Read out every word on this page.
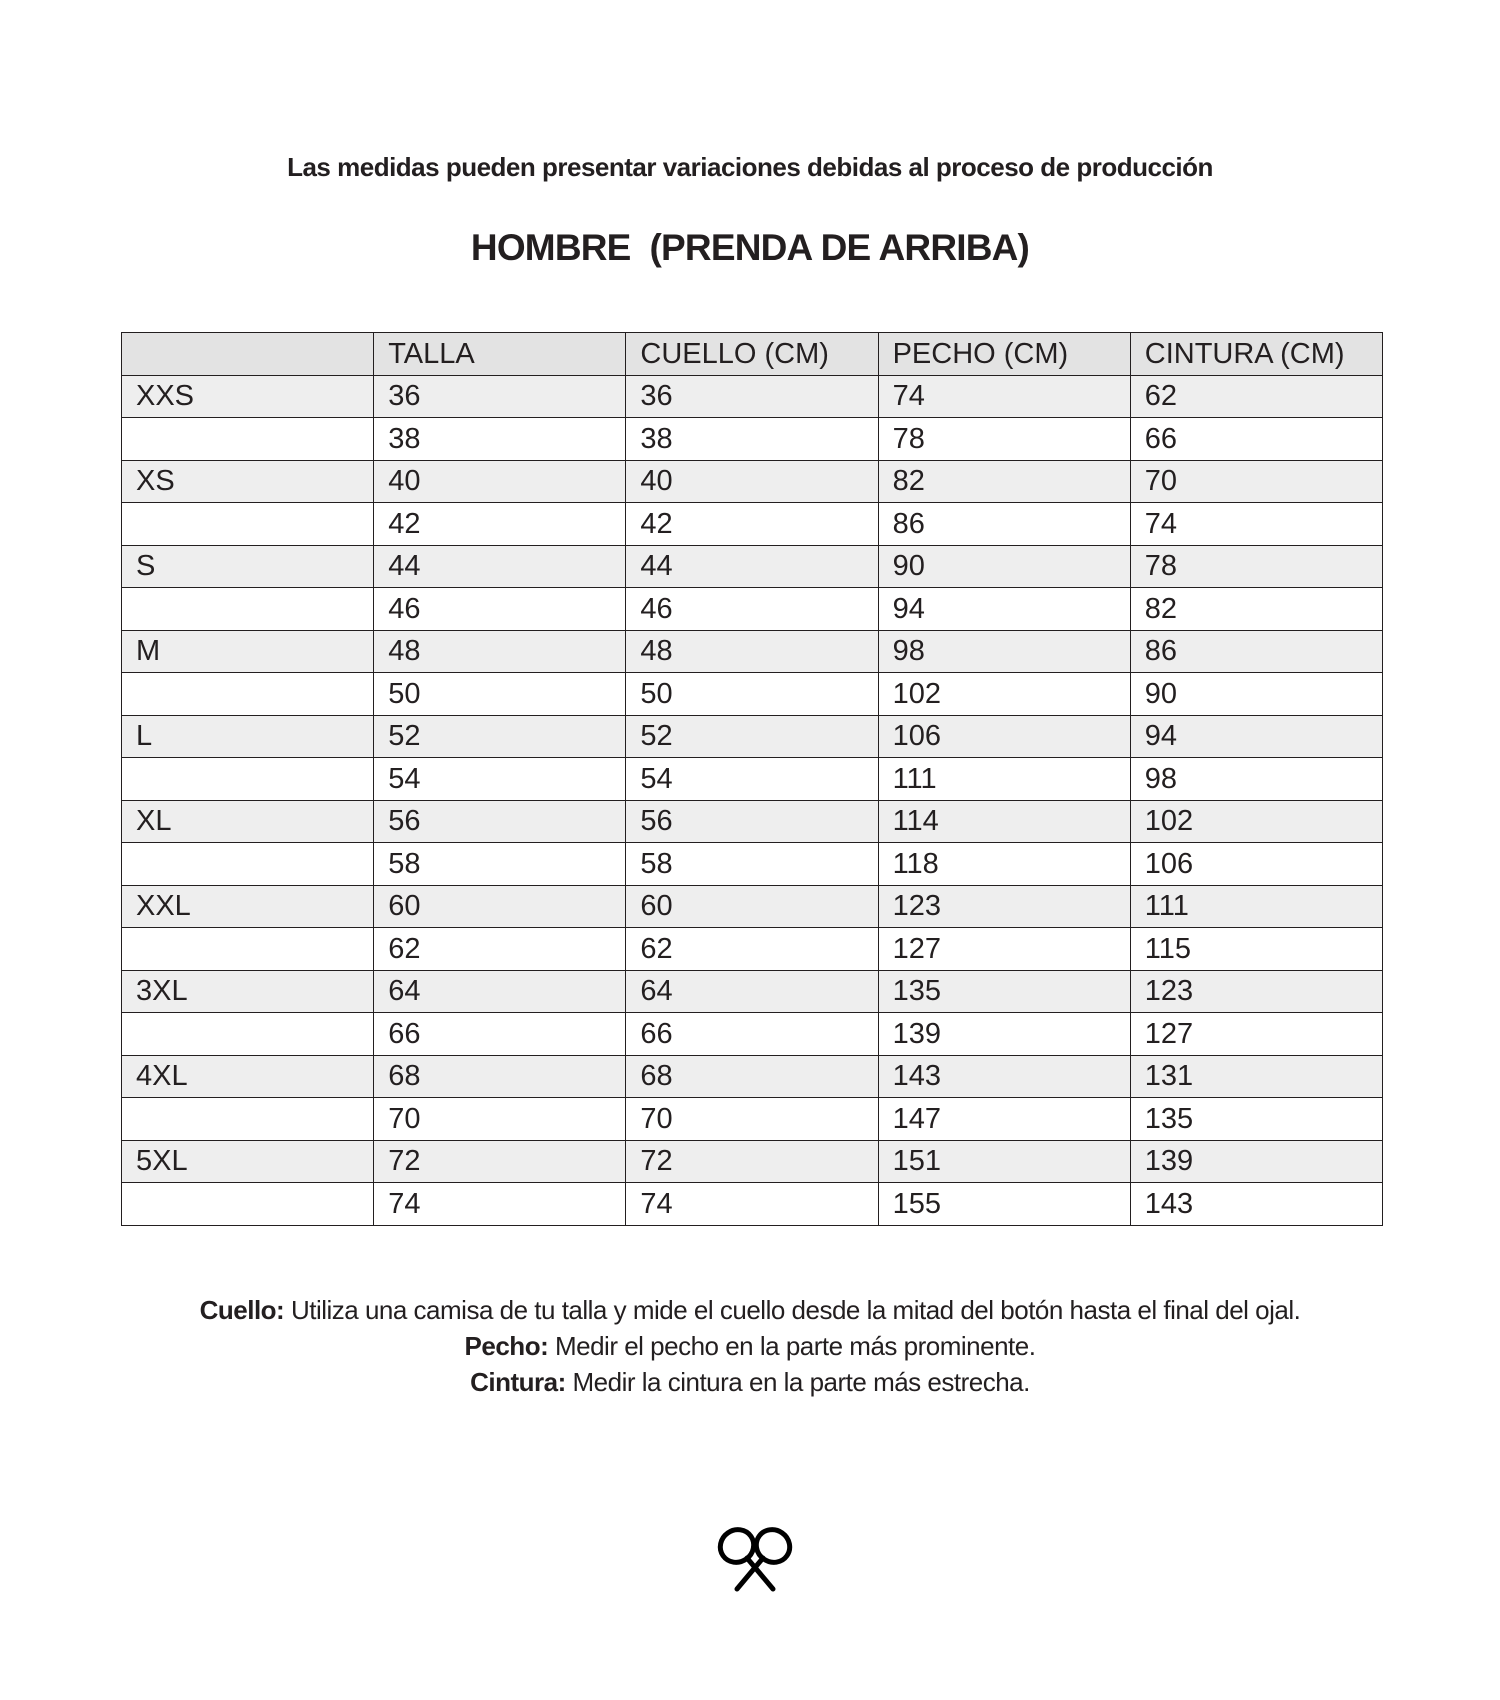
Las medidas pueden presentar variaciones debidas al proceso de producción
HOMBRE  (PRENDA DE ARRIBA)
	TALLA	CUELLO (CM)	PECHO (CM)	CINTURA (CM)
XXS	36	36	74	62
	38	38	78	66
XS	40	40	82	70
	42	42	86	74
S	44	44	90	78
	46	46	94	82
M	48	48	98	86
	50	50	102	90
L	52	52	106	94
	54	54	111	98
XL	56	56	114	102
	58	58	118	106
XXL	60	60	123	111
	62	62	127	115
3XL	64	64	135	123
	66	66	139	127
4XL	68	68	143	131
	70	70	147	135
5XL	72	72	151	139
	74	74	155	143
Cuello: Utiliza una camisa de tu talla y mide el cuello desde la mitad del botón hasta el final del ojal.
Pecho: Medir el pecho en la parte más prominente.
Cintura: Medir la cintura en la parte más estrecha.
